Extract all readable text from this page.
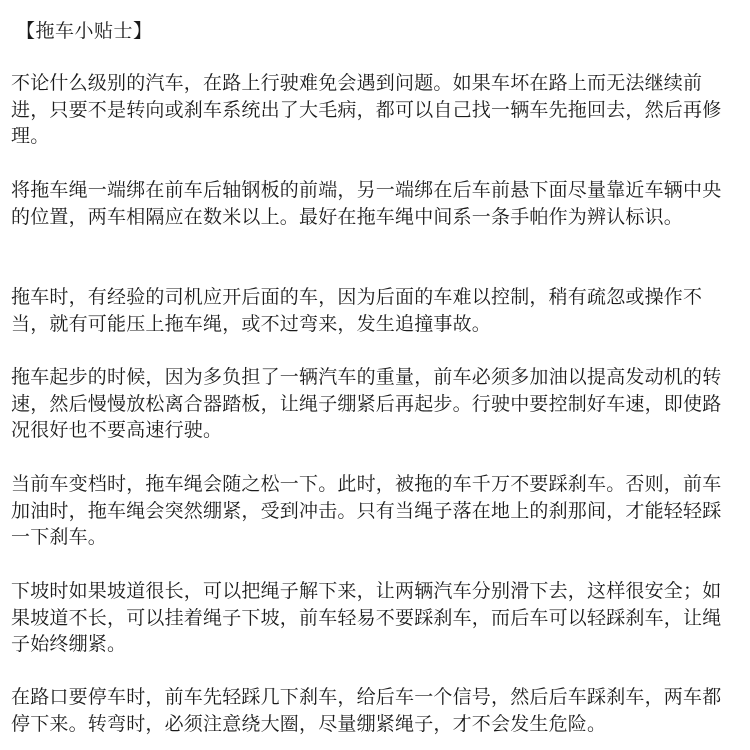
【拖车小贴士】

不论什么级别的汽车，在路上行驶难免会遇到问题。如果车坏在路上而无法继续前进，只要不是转向或刹车系统出了大毛病，都可以自己找一辆车先拖回去，然后再修理。

将拖车绳一端绑在前车后轴钢板的前端，另一端绑在后车前悬下面尽量靠近车辆中央的位置，两车相隔应在数米以上。最好在拖车绳中间系一条手帕作为辨认标识。

拖车时，有经验的司机应开后面的车，因为后面的车难以控制，稍有疏忽或操作不当，就有可能压上拖车绳，或不过弯来，发生追撞事故。

拖车起步的时候，因为多负担了一辆汽车的重量，前车必须多加油以提高发动机的转速，然后慢慢放松离合器踏板，让绳子绷紧后再起步。行驶中要控制好车速，即使路况很好也不要高速行驶。

当前车变档时，拖车绳会随之松一下。此时，被拖的车千万不要踩刹车。否则，前车加油时，拖车绳会突然绷紧，受到冲击。只有当绳子落在地上的刹那间，才能轻轻踩一下刹车。

下坡时如果坡道很长，可以把绳子解下来，让两辆汽车分别滑下去，这样很安全；如果坡道不长，可以挂着绳子下坡，前车轻易不要踩刹车，而后车可以轻踩刹车，让绳子始终绷紧。

在路口要停车时，前车先轻踩几下刹车，给后车一个信号，然后后车踩刹车，两车都停下来。转弯时，必须注意绕大圈，尽量绷紧绳子，才不会发生危险。
